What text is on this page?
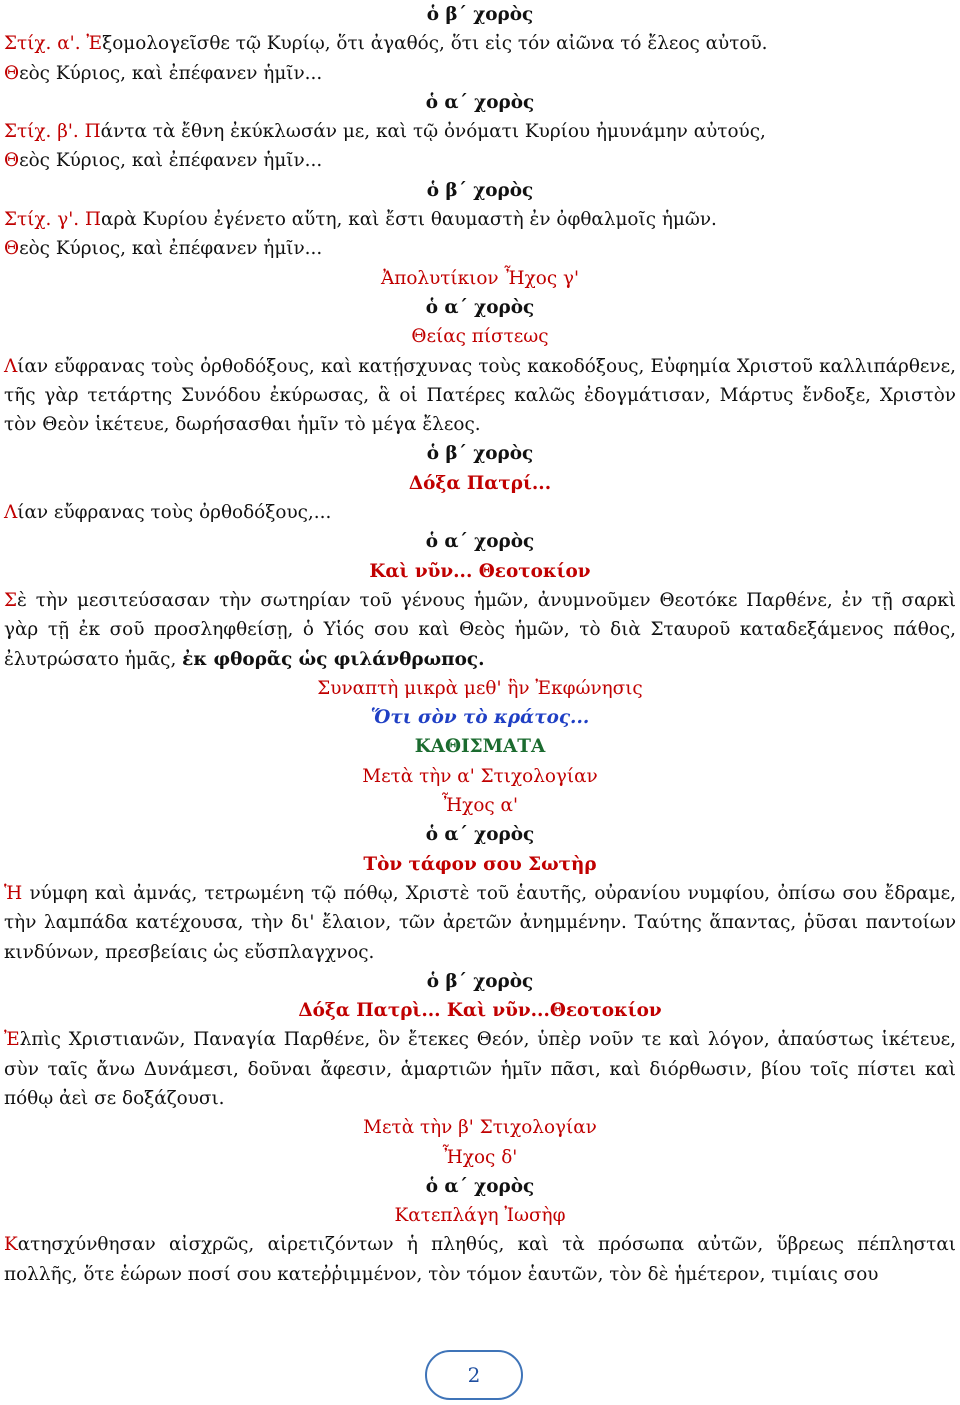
ὁ β΄ χορὸς
Στίχ. α'. Ἐξομολογεῖσθε τῷ Κυρίῳ, ὅτι ἀγαθός, ὅτι εἰς τόν αἰῶνα τό ἔλεος αὐτοῦ.
Θεὸς Κύριος, καὶ ἐπέφανεν ἡμῖν...
ὁ α΄ χορὸς
Στίχ. β'. Πάντα τὰ ἔθνη ἐκύκλωσάν με, καὶ τῷ ὀνόματι Κυρίου ἠμυνάμην αὐτούς,
Θεὸς Κύριος, καὶ ἐπέφανεν ἡμῖν...
ὁ β΄ χορὸς
Στίχ. γ'. Παρὰ Κυρίου ἐγένετο αὕτη, καὶ ἔστι θαυμαστὴ ἐν ὀφθαλμοῖς ἡμῶν.
Θεὸς Κύριος, καὶ ἐπέφανεν ἡμῖν...
Ἀπολυτίκιον Ἦχος γ'
ὁ α΄ χορὸς
Θείας πίστεως
Λίαν εὔφρανας τοὺς ὀρθοδόξους, καὶ κατῄσχυνας τοὺς κακοδόξους, Εὐφημία Χριστοῦ καλλιπάρθενε, τῆς γὰρ τετάρτης Συνόδου ἐκύρωσας, ἃ οἱ Πατέρες καλῶς ἐδογμάτισαν, Μάρτυς ἔνδοξε, Χριστὸν τὸν Θεὸν ἱκέτευε, δωρήσασθαι ἡμῖν τὸ μέγα ἔλεος.
ὁ β΄ χορὸς
Δόξα Πατρί...
Λίαν εὔφρανας τοὺς ὀρθοδόξους,...
ὁ α΄ χορὸς
Καὶ νῦν... Θεοτοκίον
Σὲ τὴν μεσιτεύσασαν τὴν σωτηρίαν τοῦ γένους ἡμῶν, ἀνυμνοῦμεν Θεοτόκε Παρθένε, ἐν τῇ σαρκὶ γὰρ τῇ ἐκ σοῦ προσληφθείσῃ, ὁ Υἱός σου καὶ Θεὸς ἡμῶν, τὸ διὰ Σταυροῦ καταδεξάμενος πάθος, ἐλυτρώσατο ἡμᾶς, ἐκ φθορᾶς ὡς φιλάνθρωπος.
Συναπτὴ μικρὰ μεθ' ἣν Ἐκφώνησις
Ὅτι σὸν τὸ κράτος...
ΚΑΘΙΣΜΑΤΑ
Μετὰ τὴν α' Στιχολογίαν
Ἦχος α'
ὁ α΄ χορὸς
Τὸν τάφον σου Σωτὴρ
Ἡ νύμφη καὶ ἀμνάς, τετρωμένη τῷ πόθῳ, Χριστὲ τοῦ ἑαυτῆς, οὐρανίου νυμφίου, ὀπίσω σου ἔδραμε, τὴν λαμπάδα κατέχουσα, τὴν δι' ἔλαιον, τῶν ἀρετῶν ἀνημμένην. Ταύτης ἅπαντας, ῥῦσαι παντοίων κινδύνων, πρεσβείαις ὡς εὔσπλαγχνος.
ὁ β΄ χορὸς
Δόξα Πατρὶ... Καὶ νῦν...Θεοτοκίον
Ἐλπὶς Χριστιανῶν, Παναγία Παρθένε, ὃν ἔτεκες Θεόν, ὑπὲρ νοῦν τε καὶ λόγον, ἀπαύστως ἱκέτευε, σὺν ταῖς ἄνω Δυνάμεσι, δοῦναι ἄφεσιν, ἁμαρτιῶν ἡμῖν πᾶσι, καὶ διόρθωσιν, βίου τοῖς πίστει καὶ πόθῳ ἀεὶ σε δοξάζουσι.
Μετὰ τὴν β' Στιχολογίαν
Ἦχος δ'
ὁ α΄ χορὸς
Κατεπλάγη Ἰωσὴφ
Κατησχύνθησαν αἰσχρῶς, αἱρετιζόντων ἡ πληθύς, καὶ τὰ πρόσωπα αὐτῶν, ὕβρεως πέπλησται πολλῆς, ὅτε ἑώρων ποσί σου κατεῤῥιμμένον, τὸν τόμον ἑαυτῶν, τὸν δὲ ἡμέτερον, τιμίαις σου
2
